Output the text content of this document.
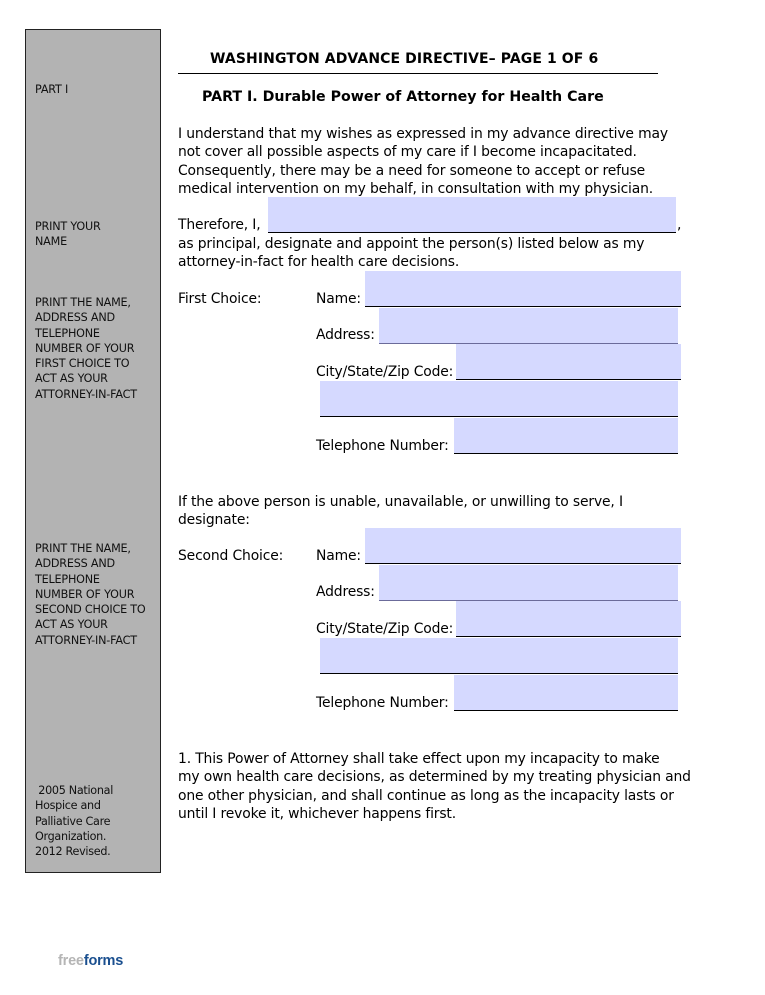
PART I
PRINT YOUR
NAME
PRINT THE NAME,
ADDRESS AND
TELEPHONE
NUMBER OF YOUR
FIRST CHOICE TO
ACT AS YOUR
ATTORNEY-IN-FACT
PRINT THE NAME,
ADDRESS AND
TELEPHONE
NUMBER OF YOUR
SECOND CHOICE TO
ACT AS YOUR
ATTORNEY-IN-FACT
2005 National
Hospice and
Palliative Care
Organization.
2012 Revised.
WASHINGTON ADVANCE DIRECTIVE– PAGE 1 OF 6
PART I. Durable Power of Attorney for Health Care
I understand that my wishes as expressed in my advance directive may
not cover all possible aspects of my care if I become incapacitated.
Consequently, there may be a need for someone to accept or refuse
medical intervention on my behalf, in consultation with my physician.
Therefore, I,	,
as principal, designate and appoint the person(s) listed below as my
attorney-in-fact for health care decisions.
First Choice:	Name:
Address:
City/State/Zip Code:
Telephone Number:
If the above person is unable, unavailable, or unwilling to serve, I
designate:
Second Choice: Name:
Address:
City/State/Zip Code:
Telephone Number:
1. This Power of Attorney shall take effect upon my incapacity to make
my own health care decisions, as determined by my treating physician and
one other physician, and shall continue as long as the incapacity lasts or
until I revoke it, whichever happens first.
freeforms
